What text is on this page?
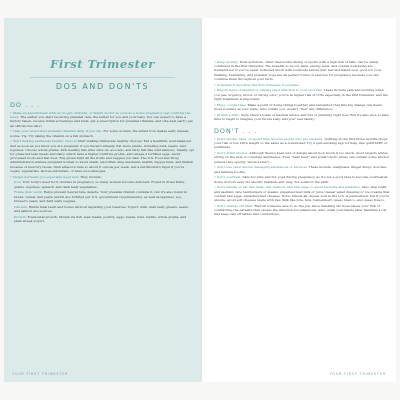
First Trimester
DOS AND DON'TS
DO . . .
• Make an appointment with an ob-gyn, midwife, or family doctor as soon as a home pregnancy test confirms the news. The earlier you start receiving prenatal care, the better for you and your baby. You can expect to have a history taken, receive initial screenings and tests, get a prescription for prenatal vitamins, and (the best part!) get an official due date!
• Take your prescribed prenatal vitamins daily, if you can. For some women, the added iron makes early nausea worse. Tip: Try taking the vitamin on a full stomach.
• Start making deliberate healthy choices Start making deliberate healthy choices: Eat a healthful, well-balanced diet as soon as you know you are pregnant, if you haven't already. Eat more plants, including nuts, beans, and legumes. Choose whole grains. Pick healthy fats (like olive oil, avocado, and fatty fish like wild salmon). Ideally, opt for grass-fed lean meats and dairy, which have a higher nutritive profile, and omega-3 fortified eggs. Avoid processed foods and fast food. Buy green-light all the fruits and veggies you like! The U.S. Food and Drug Administration advises pregnant women to avoid shark, swordfish, king mackerel, marlin, bigeye tuna, and tilefish because of mercury levels; limit albacore tuna to about 6 ounces per week. Get a nutritionist's input if you're vegan, vegetarian, lactose-intolerant, or have food allergies.
• Target nutrients you especially need now. They include:
Iron. Your body's need for it doubles in pregnancy, so many women become deficient. Found in dried fruits, grains, legumes, spinach, and dark leafy vegetables.
Folate (folic acid). Helps prevent neural tube defects. Your prenatal vitamin contains it, but it's also found in bread, cereal, and pasta (which are fortified per U.S. government requirements), as well as legumes, soy, brewer's yeast, and dark leafy veggies.
Calcium. Builds fetal teeth and bones without depleting your reserves. Yogurt, milk, dark leafy greens, seeds, and salmon are sources.
Protein. Fuels fetal growth. Obtain via fish, lean meats, poultry, eggs, beans, nuts, lentils, whole grains, and plain Greek yogurt.
YOUR FIRST TRIMESTER
• Keep moving. Most activities, other than scuba diving or sports with a high risk of falls, can be safely continued in the first trimester. The benefits to mood, baby, energy level, and overall well-being are tremendous! If you've never bothered much with workouts before (but feel motivated now, good for you). Walking, swimming, and prenatal yoga are all perfect forms of exercise for pregnancy because you can continue them throughout your term.
• Schedule X-rays after the first trimester, if possible.
• Report signs of bladder or urinary tract infection to your provider. These include pain and burning when you pee, urgency, blood, or strong odor; you're at higher risk of UTIs especially in the first trimester, and the right treatment is important.
• Enjoy couple time. Make a point of doing things together and remember that this big change can mean more bonding as your mate, who, unlike you, doesn't "feel" any difference.
• Dream a little. Sure, there's loads of medical advice and lots of planning right now. But it's also nice to take time to begin to imagine your future baby and your new family.
DON'T . . .
• Don't smoke, vape, or spend time around people who are smoking. Quitting in the first three months drops your risk of low birth weight to the same as a nonsmoker. Try a quit-smoking app for help, like quitSTART or QuitGuide.
• Don't drink alcohol. Although there's been lots of debate about how much is too much, most experts advise erring on the side of complete abstinence. Even "near beer" and nonalcoholic wines can contain some alcohol (unless they specify "alcohol-free").
• Don't use other known damaging substances or services. These include: marijuana, illegal drugs, douches, and tanning booths.
• Don't overheat. Skip hot tubs and hot yoga during pregnancy, as it's not a good idea to become overheated. Some doctors even nix electric blankets and long, hot soaks in the bath.
• Don't handle or eat raw meat, raw seafood, and raw eggs, to avoid bacteria and parasites. Also, skip sushi and sashimi; rare hamburgers or steaks; unpasteurized milk or juice Caesar salad dressing or ice creams that contain raw eggs; unpasteurized cheeses. Note: Almost all cheese sold in the U.S. is pasteurized, but if you're unsure, avoid soft cheeses made with raw milk like brie, feta, Camembert, queso blanco, and queso fresco.
• Don't change cat litter. Recruit someone else to do the job, since handling cat feces raises your risk of contracting the parasite that causes the infection toxoplasmosis. Also: wash your hands after handling a cat and keep cats off tables and countertops.
YOUR FIRST TRIMESTER
